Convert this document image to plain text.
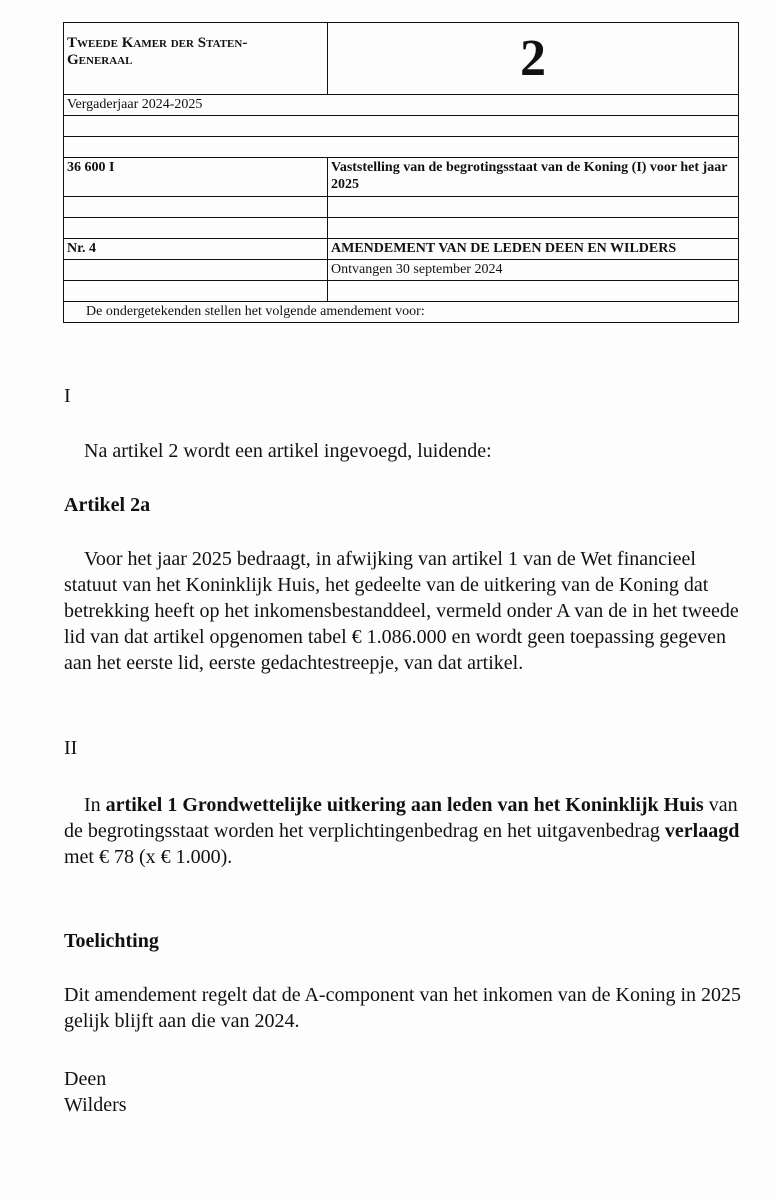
Tweede Kamer der Staten-
Generaal	2
Vergaderjaar 2024-2025	

36 600 I	Vaststelling van de begrotingsstaat van de Koning (I) voor het jaar 2025

Nr. 4	AMENDEMENT VAN DE LEDEN DEEN EN WILDERS
	Ontvangen 30 september 2024

De ondergetekenden stellen het volgende amendement voor:	

I

Na artikel 2 wordt een artikel ingevoegd, luidende:

Artikel 2a

Voor het jaar 2025 bedraagt, in afwijking van artikel 1 van de Wet financieel statuut van het Koninklijk Huis, het gedeelte van de uitkering van de Koning dat betrekking heeft op het inkomensbestanddeel, vermeld onder A van de in het tweede lid van dat artikel opgenomen tabel € 1.086.000 en wordt geen toepassing gegeven aan het eerste lid, eerste gedachtestreepje, van dat artikel.

II

In artikel 1 Grondwettelijke uitkering aan leden van het Koninklijk Huis van de begrotingsstaat worden het verplichtingenbedrag en het uitgavenbedrag verlaagd met € 78 (x € 1.000).

Toelichting

Dit amendement regelt dat de A-component van het inkomen van de Koning in 2025 gelijk blijft aan die van 2024.

Deen

Wilders
